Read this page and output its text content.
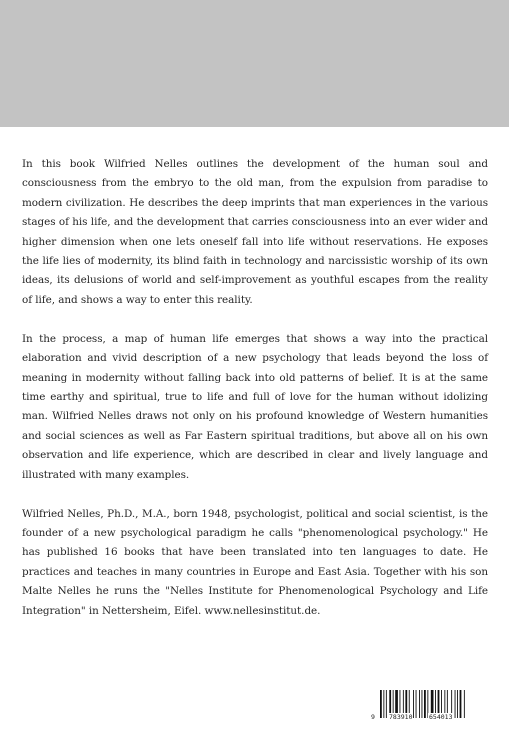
In this book Wilfried Nelles outlines the development of the human soul and consciousness from the embryo to the old man, from the expulsion from paradise to modern civilization. He describes the deep imprints that man experiences in the various stages of his life, and the development that carries consciousness into an ever wider and higher dimension when one lets oneself fall into life without reservations. He exposes the life lies of modernity, its blind faith in technology and narcissistic worship of its own ideas, its delusions of world and self-improvement as youthful escapes from the reality of life, and shows a way to enter this reality.

In the process, a map of human life emerges that shows a way into the practical elaboration and vivid description of a new psychology that leads beyond the loss of meaning in modernity without falling back into old patterns of belief. It is at the same time earthy and spiritual, true to life and full of love for the human without idolizing man. Wilfried Nelles draws not only on his profound knowledge of Western humanities and social sciences as well as Far Eastern spiritual traditions, but above all on his own observation and life experience, which are described in clear and lively language and illustrated with many examples.

Wilfried Nelles, Ph.D., M.A., born 1948, psychologist, political and social scientist, is the founder of a new psychological paradigm he calls "phenomenological psychology." He has published 16 books that have been translated into ten languages to date. He practices and teaches in many countries in Europe and East Asia. Together with his son Malte Nelles he runs the "Nelles Institute for Phenomenological Psychology and Life Integration" in Nettersheim, Eifel. www.nellesinstitut.de.

9 783910	654013
